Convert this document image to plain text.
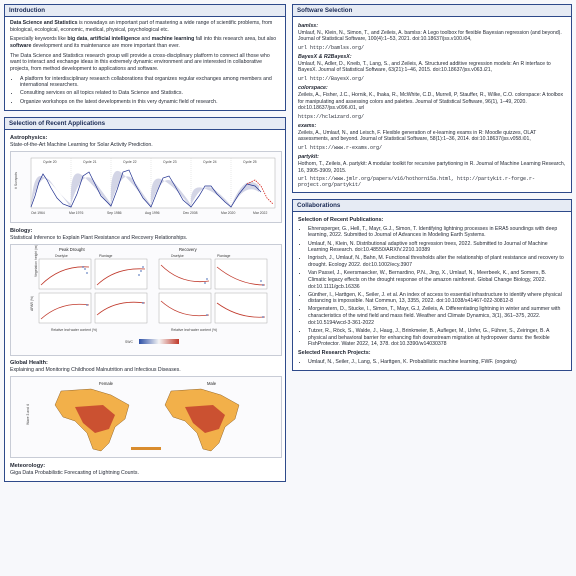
Introduction

Data Science and Statistics is nowadays an important part of mastering a wide range of scientific problems, from biological, ecological, economic, medical, physical, psychological etc.

Especially keywords like big data, artificial intelligence and machine learning fall into this research area, but also software development and its maintenance are more important than ever.

The Data Science and Statistics research group will provide a cross-disciplinary platform to connect all those who want to interact and exchange ideas in this extremely dynamic environment and are interested in collaborative projects, from method development to applications and software.

• A platform for interdisciplinary research collaborations that organizes regular exchanges among members and international researchers.
• Consulting services on all topics related to Data Science and Statistics.
• Organize workshops on the latest developments in this very dynamic field of research.
Selection of Recent Applications
Astrophysics:
State-of-the-Art Machine Learning for Solar Activity Prediction.
Cycle 20	Cycle 21	Cycle 22	Cycle 23	Cycle 24	Cycle 25
# Sunspots
Oct 1964	Mar 1976	Sep 1986	Aug 1996	Dec 2008	Mar 2020	Mar 2022
Biology:
Statistical Inference to Explain Plant Resistance and Recovery Relationships.
Peak Drought	Recovery
Dwelyke	Plantage	Dwelyke	Plantage
Vegetation height (m)
APAR (%)
Relative leaf water content (%)	Relative leaf water content (%)
SWC
Global Health:
Explaining and Monitoring Childhood Malnutrition and Infectious Diseases.
Female	Male
Wave 3 and 4
Meteorology:
Giga Data Probabilistic Forecasting of Lightning Counts.
Software Selection
bamlss:
Umlauf, N., Klein, N., Simon, T., and Zeileis, A. bamlss: A Lego toolbox for flexible Bayesian regression (and beyond). Journal of Statistical Software, 100(4):1–53, 2021. doi:10.18637/jss.v100.i04,
url http://bamlss.org/
BayesX & R2BayesX:
Umlauf, N., Adler, D., Kneib, T., Lang, S., and Zeileis, A. Structured additive regression models: An R interface to BayesX. Journal of Statistical Software, 63(21):1–46, 2015. doi:10.18637/jss.v063.i21,
url http://BayesX.org/
colorspace:
Zeileis, A., Fisher, J.C., Hornik, K., Ihaka, R., McWhite, C.D., Murrell, P, Stauffer, R., Wilke, C.O. colorspace: A toolbox for manipulating and assessing colors and palettes. Journal of Statistical Software, 96(1), 1–49, 2020. doi:10.18637/jss.v096.i01, url
https://hclwizard.org/
exams:
Zeileis, A., Umlauf, N., and Leisch, F. Flexible generation of e-learning exams in R: Moodle quizzes, OLAT assessments, and beyond. Journal of Statistical Software, 58(1):1–36, 2014. doi:10.18637/jss.v058.i01,
url https://www.r-exams.org/
partykit:
Hothorn, T., Zeileis, A. partykit: A modular toolkit for recursive partytioning in R. Journal of Machine Learning Research, 16, 3905-3909, 2015.
url https://www.jmlr.org/papers/v16/hothorn15a.html, http://partykit.r-forge.r-project.org/partykit/
Collaborations
Selection of Recent Publications:
• Ehrensperger, G., Hell, T., Mayr, G.J., Simon, T. Identifying lightning processes in ERA5 soundings with deep learning, 2022. Submitted to Journal of Advances in Modeling Earth Systems.
• Umlauf, N., Klein, N. Distributional adaptive soft regression trees, 2022. Submitted to Journal of Machine Learning Research. doi:10.48550/ARXIV.2210.10389
• Ingrisch, J., Umlauf, N., Bahn, M. Functional thresholds alter the relationship of plant resistance and recovery to drought. Ecology 2022. doi:10.1002/ecy.3907
• Van Passel, J., Keersmaecker, W., Bernardino, P.N., Jing, X., Umlauf, N., Meerbeek, K., and Somers, B. Climatic legacy effects on the drought response of the amazon rainforest. Global Change Biology, 2022. doi:10.1111/gcb.16336
• Günther, I., Harttgen, K., Seiler, J. et al. An index of access to essential infrastructure to identify where physical distancing is impossible. Nat Commun, 13, 3355, 2022. doi:10.1038/s41467-022-30812-8
• Morgenstern, D., Stucke, I., Simon, T., Mayr, G.J, Zeileis, A. Differentiating lightning in winter and summer with characteristics of the wind field and mass field. Weather and Climate Dynamics, 3(1), 361–375, 2022. doi:10.5194/wcd-3-361-2022
• Tutzer, R., Röck, S., Walde, J., Haug, J., Brinkmeier, B., Aufleger, M., Unfer, G., Führer, S., Zeiringer, B. A physical and behavioral barrier for enhancing fish downstream migration at hydropower dams: the flexible FishProtector. Water 2022, 14, 378. doi:10.3390/w14030378
Selected Research Projects:
• Umlauf, N., Seiler, J., Lang, S., Harttgen, K. Probabilistic machine learning, FWF. (ongoing)
